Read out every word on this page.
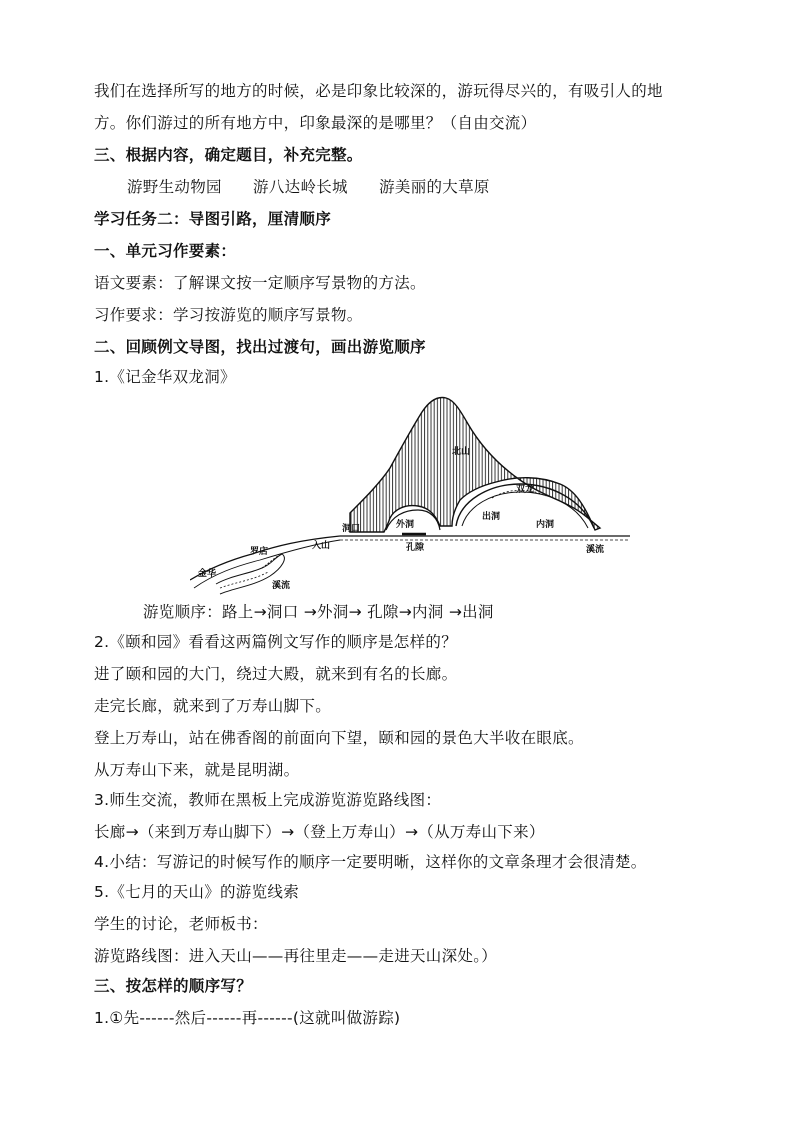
我们在选择所写的地方的时候，必是印象比较深的，游玩得尽兴的，有吸引人的地
方。你们游过的所有地方中，印象最深的是哪里？（自由交流）
三、根据内容，确定题目，补充完整。
游野生动物园 游八达岭长城 游美丽的大草原
学习任务二：导图引路，厘清顺序
一、单元习作要素：
语文要素：了解课文按一定顺序写景物的方法。
习作要求：学习按游览的顺序写景物。
二、回顾例文导图，找出过渡句，画出游览顺序
1.《记金华双龙洞》
北山
双龙
外洞
出洞
内洞
洞口
孔隙
罗店
入山
金华
溪流
溪流
游览顺序：路上→洞口 →外洞→ 孔隙→内洞 →出洞
2.《颐和园》看看这两篇例文写作的顺序是怎样的？
进了颐和园的大门，绕过大殿，就来到有名的长廊。
走完长廊，就来到了万寿山脚下。
登上万寿山，站在佛香阁的前面向下望，颐和园的景色大半收在眼底。
从万寿山下来，就是昆明湖。
3.师生交流，教师在黑板上完成游览游览路线图：
长廊→（来到万寿山脚下）→（登上万寿山）→（从万寿山下来）
4.小结：写游记的时候写作的顺序一定要明晰，这样你的文章条理才会很清楚。
5.《七月的天山》的游览线索
学生的讨论，老师板书：
游览路线图：进入天山——再往里走——走进天山深处。）
三、按怎样的顺序写？
1.①先------然后------再------(这就叫做游踪)
